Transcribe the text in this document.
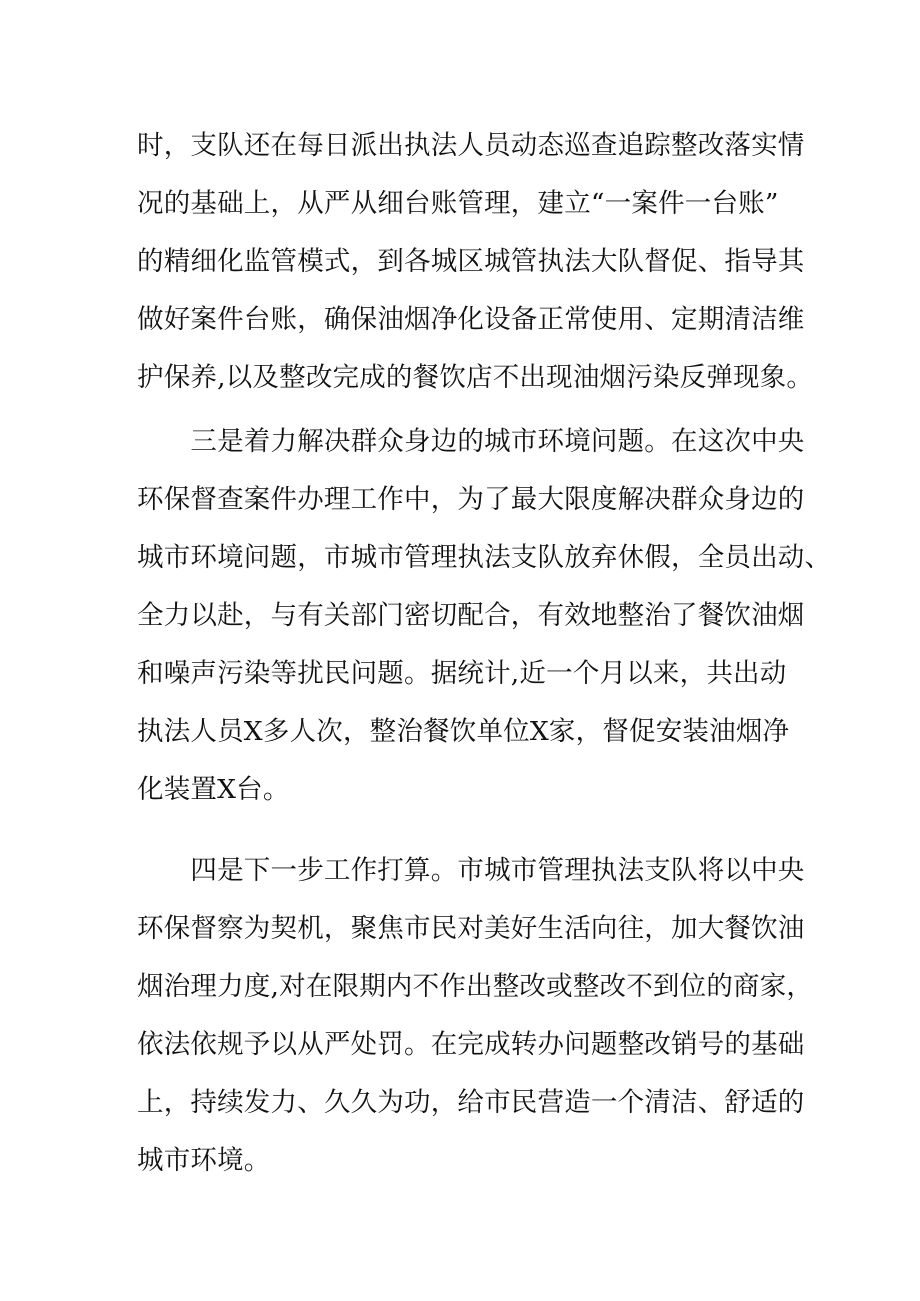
时，支队还在每日派出执法人员动态巡查追踪整改落实情
况的基础上，从严从细台账管理，建立“一案件一台账”
的精细化监管模式，到各城区城管执法大队督促、指导其
做好案件台账，确保油烟净化设备正常使用、定期清洁维
护保养,以及整改完成的餐饮店不出现油烟污染反弹现象。
　　三是着力解决群众身边的城市环境问题。在这次中央
环保督查案件办理工作中，为了最大限度解决群众身边的
城市环境问题，市城市管理执法支队放弃休假，全员出动、
全力以赴，与有关部门密切配合，有效地整治了餐饮油烟
和噪声污染等扰民问题。据统计,近一个月以来，共出动
执法人员X多人次，整治餐饮单位X家，督促安装油烟净
化装置X台。
　　四是下一步工作打算。市城市管理执法支队将以中央
环保督察为契机，聚焦市民对美好生活向往，加大餐饮油
烟治理力度,对在限期内不作出整改或整改不到位的商家，
依法依规予以从严处罚。在完成转办问题整改销号的基础
上，持续发力、久久为功，给市民营造一个清洁、舒适的
城市环境。
